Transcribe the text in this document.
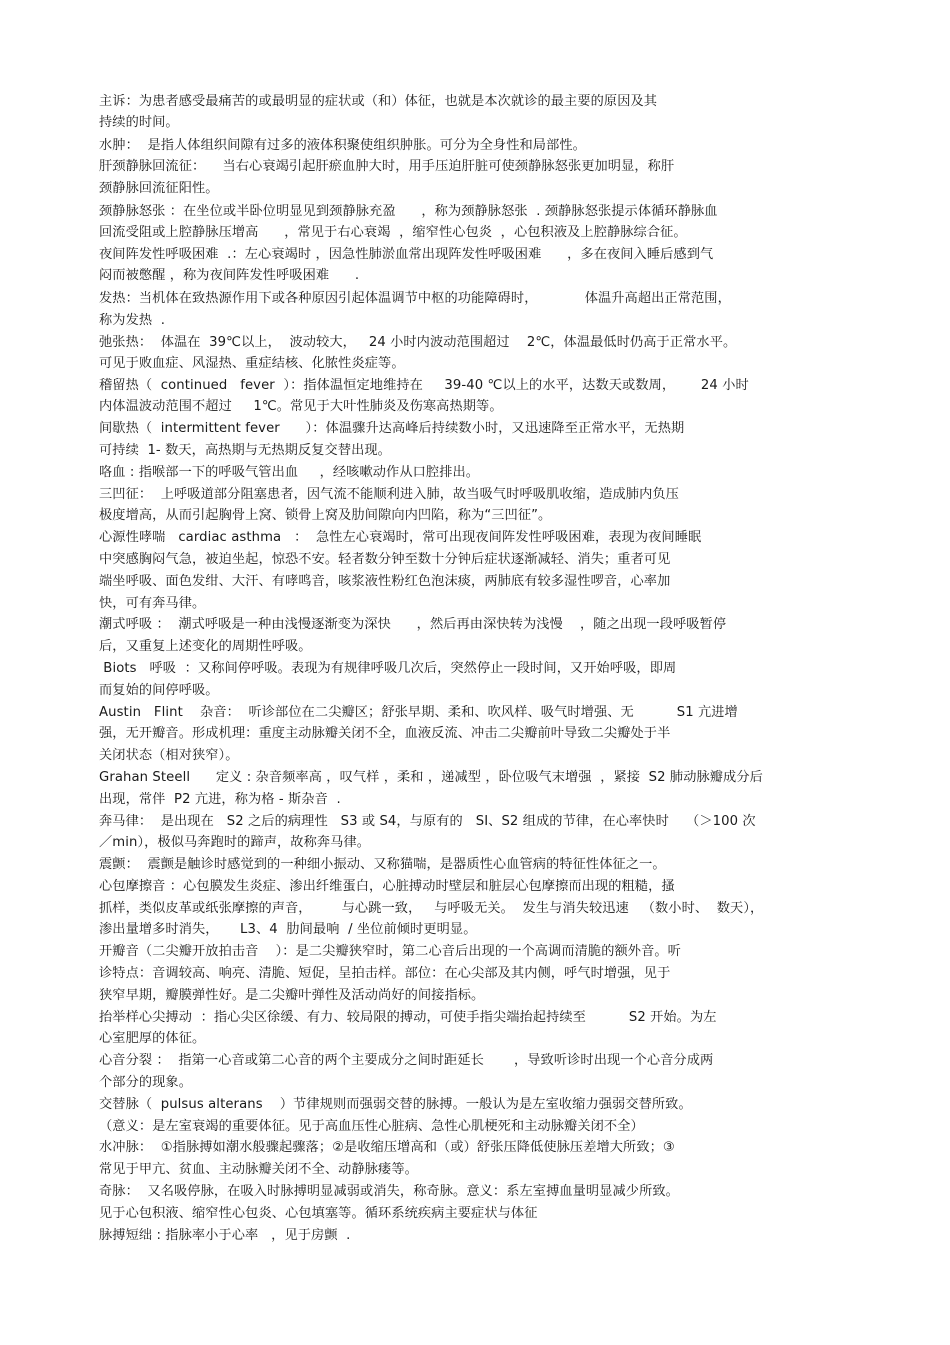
主诉：为患者感受最痛苦的或最明显的症状或（和）体征，也就是本次就诊的最主要的原因及其
持续的时间。
水肿：  是指人体组织间隙有过多的液体积聚使组织肿胀。可分为全身性和局部性。
肝颈静脉回流征：    当右心衰竭引起肝瘀血肿大时，用手压迫肝脏可使颈静脉怒张更加明显，称肝
颈静脉回流征阳性。
颈静脉怒张 ：在坐位或半卧位明显见到颈静脉充盈      ，称为颈静脉怒张  . 颈静脉怒张提示体循环静脉血
回流受阻或上腔静脉压增高      ，常见于右心衰竭  ，缩窄性心包炎  ，心包积液及上腔静脉综合征。
夜间阵发性呼吸困难  .：左心衰竭时 ，因急性肺淤血常出现阵发性呼吸困难      ，多在夜间入睡后感到气
闷而被憋醒 ，称为夜间阵发性呼吸困难      .
发热：当机体在致热源作用下或各种原因引起体温调节中枢的功能障碍时，           体温升高超出正常范围，
称为发热  .
弛张热：  体温在  39℃以上，  波动较大，   24 小时内波动范围超过    2℃，体温最低时仍高于正常水平。
可见于败血症、风湿热、重症结核、化脓性炎症等。
稽留热（  continued   fever  ）：指体温恒定地维持在     39-40 ℃以上的水平，达数天或数周，      24 小时
内体温波动范围不超过     1℃。常见于大叶性肺炎及伤寒高热期等。
间歇热（  intermittent fever      ）：体温骤升达高峰后持续数小时，又迅速降至正常水平，无热期
可持续  1- 数天，高热期与无热期反复交替出现。
咯血 : 指喉部一下的呼吸气管出血     ，经咳嗽动作从口腔排出。
三凹征：  上呼吸道部分阻塞患者，因气流不能顺利进入肺，故当吸气时呼吸肌收缩，造成肺内负压
极度增高，从而引起胸骨上窝、锁骨上窝及肋间隙向内凹陷，称为“三凹征”。
心源性哮喘   cardiac asthma   ：  急性左心衰竭时，常可出现夜间阵发性呼吸困难，表现为夜间睡眠
中突感胸闷气急，被迫坐起，惊恐不安。轻者数分钟至数十分钟后症状逐渐减轻、消失；重者可见
端坐呼吸、面色发绀、大汗、有哮鸣音，咳浆液性粉红色泡沫痰，两肺底有较多湿性啰音，心率加
快，可有奔马律。
潮式呼吸 ：  潮式呼吸是一种由浅慢逐渐变为深快      ，然后再由深快转为浅慢    ，随之出现一段呼吸暂停
后，又重复上述变化的周期性呼吸。
Biots   呼吸  ：又称间停呼吸。表现为有规律呼吸几次后，突然停止一段时间，又开始呼吸，即周
而复始的间停呼吸。
Austin   Flint    杂音：  听诊部位在二尖瓣区；舒张早期、柔和、吹风样、吸气时增强、无          S1 亢进增
强，无开瓣音。形成机理：重度主动脉瓣关闭不全，血液反流、冲击二尖瓣前叶导致二尖瓣处于半
关闭状态（相对狭窄）。
Grahan Steell      定义 : 杂音频率高 ，叹气样 ，柔和 ，递减型 ，卧位吸气末增强  ，紧接  S2 肺动脉瓣成分后
出现，常伴  P2 亢进，称为格 - 斯杂音  .
奔马律：  是出现在   S2 之后的病理性   S3 或 S4，与原有的   SI、S2 组成的节律，在心率快时    （＞100 次
／min），极似马奔跑时的蹄声，故称奔马律。
震颤：  震颤是触诊时感觉到的一种细小振动、又称猫喘，是器质性心血管病的特征性体征之一。
心包摩擦音 ：心包膜发生炎症、渗出纤维蛋白，心脏搏动时壁层和脏层心包摩擦而出现的粗糙，搔
抓样，类似皮革或纸张摩擦的声音，       与心跳一致，   与呼吸无关。  发生与消失较迅速   （数小时、  数天），
渗出量增多时消失，     L3、4  肋间最响  / 坐位前倾时更明显。
开瓣音（二尖瓣开放拍击音    ）：是二尖瓣狭窄时，第二心音后出现的一个高调而清脆的额外音。听
诊特点：音调较高、响亮、清脆、短促，呈拍击样。部位：在心尖部及其内侧，呼气时增强，见于
狭窄早期，瓣膜弹性好。是二尖瓣叶弹性及活动尚好的间接指标。
抬举样心尖搏动  ：指心尖区徐缓、有力、较局限的搏动，可使手指尖端抬起持续至          S2 开始。为左
心室肥厚的体征。
心音分裂 ：  指第一心音或第二心音的两个主要成分之间时距延长       ，导致听诊时出现一个心音分成两
个部分的现象。
交替脉（  pulsus alterans    ）节律规则而强弱交替的脉搏。一般认为是左室收缩力强弱交替所致。
（意义：是左室衰竭的重要体征。见于高血压性心脏病、急性心肌梗死和主动脉瓣关闭不全）
水冲脉：  ①指脉搏如潮水般骤起骤落；②是收缩压增高和（或）舒张压降低使脉压差增大所致；③
常见于甲亢、贫血、主动脉瓣关闭不全、动静脉瘘等。
奇脉：  又名吸停脉，在吸入时脉搏明显减弱或消失，称奇脉。意义：系左室搏血量明显减少所致。
见于心包积液、缩窄性心包炎、心包填塞等。循环系统疾病主要症状与体征
脉搏短绌 : 指脉率小于心率   ，见于房颤  .
